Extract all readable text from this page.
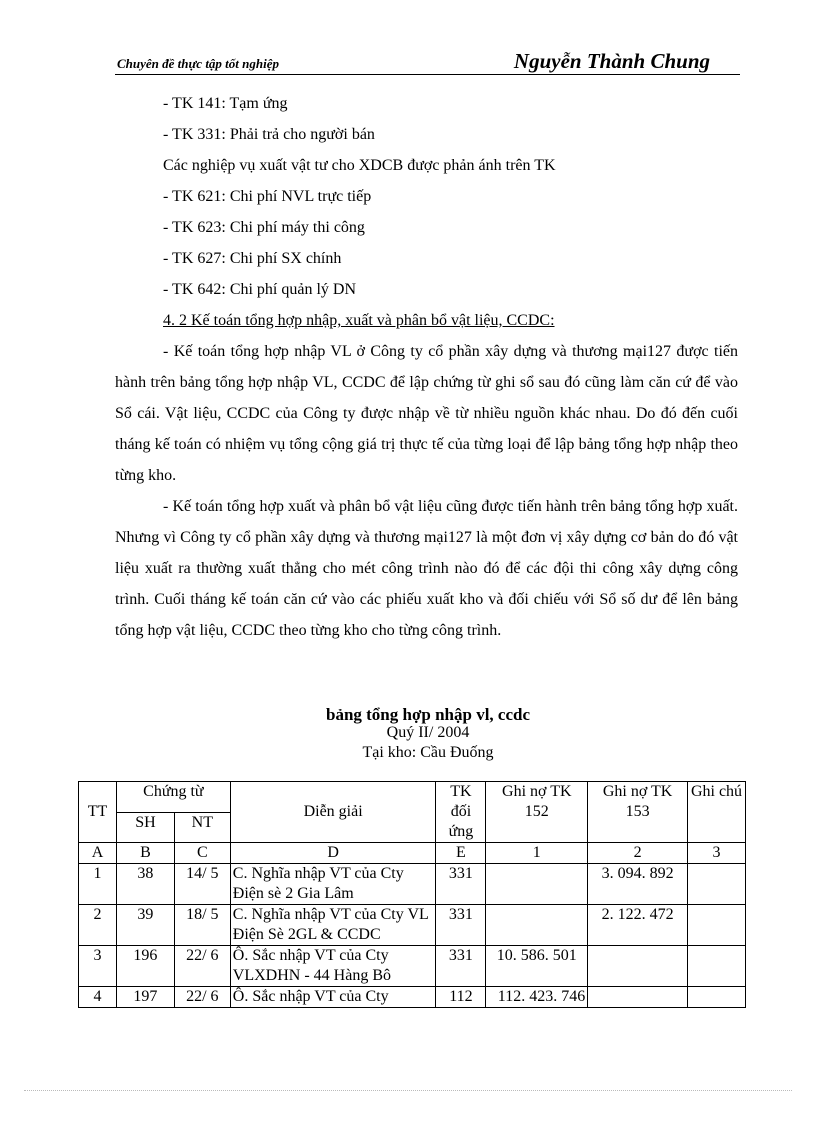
Chuyên đề thực tập tốt nghiệp	Nguyễn Thành Chung

- TK 141: Tạm ứng

- TK 331: Phải trả cho người bán

Các nghiệp vụ xuất vật tư cho XDCB được phản ánh trên TK

- TK 621: Chi phí NVL trực tiếp

- TK 623: Chi phí máy thi công

- TK 627: Chi phí SX chính

- TK 642: Chi phí quản lý DN

4. 2 Kế toán tổng hợp nhập, xuất và phân bổ vật liệu, CCDC:

- Kế toán tổng hợp nhập VL ở Công ty cổ phần xây dựng và thương mại127 được tiến hành trên bảng tổng hợp nhập VL, CCDC để lập chứng từ ghi sổ sau đó cũng làm căn cứ để vào Sổ cái. Vật liệu, CCDC của Công ty được nhập về từ nhiều nguồn khác nhau. Do đó đến cuối tháng kế toán có nhiệm vụ tổng cộng giá trị thực tế của từng loại để lập bảng tổng hợp nhập theo từng kho.

- Kế toán tổng hợp xuất và phân bổ vật liệu cũng được tiến hành trên bảng tổng hợp xuất. Nhưng vì Công ty cổ phần xây dựng và thương mại127 là một đơn vị xây dựng cơ bản do đó vật liệu xuất ra thường xuất thẳng cho mét công trình nào đó để các đội thi công xây dựng công trình. Cuối tháng kế toán căn cứ vào các phiếu xuất kho và đối chiếu với Sổ số dư để lên bảng tổng hợp vật liệu, CCDC theo từng kho cho từng công trình.

bảng tổng hợp nhập vl, ccdc
Quý II/ 2004
Tại kho: Cầu Đuống
TT	Chứng từ		Diễn giải	TK đối ứng	Ghi nợ TK 152	Ghi nợ TK 153	Ghi chú
	SH	NT					
A	B	C	D	E	1	2	3
1	38	14/ 5	C. Nghĩa nhập VT của Cty Điện sè 2 Gia Lâm	331		3. 094. 892	
2	39	18/ 5	C. Nghĩa nhập VT của Cty VL Điện Sè 2GL & CCDC	331		2. 122. 472	
3	196	22/ 6	Ô. Sắc nhập VT của Cty VLXDHN - 44 Hàng Bô	331	10. 586. 501		
4	197	22/ 6	Ô. Sắc nhập VT của Cty	112	112. 423. 746		
